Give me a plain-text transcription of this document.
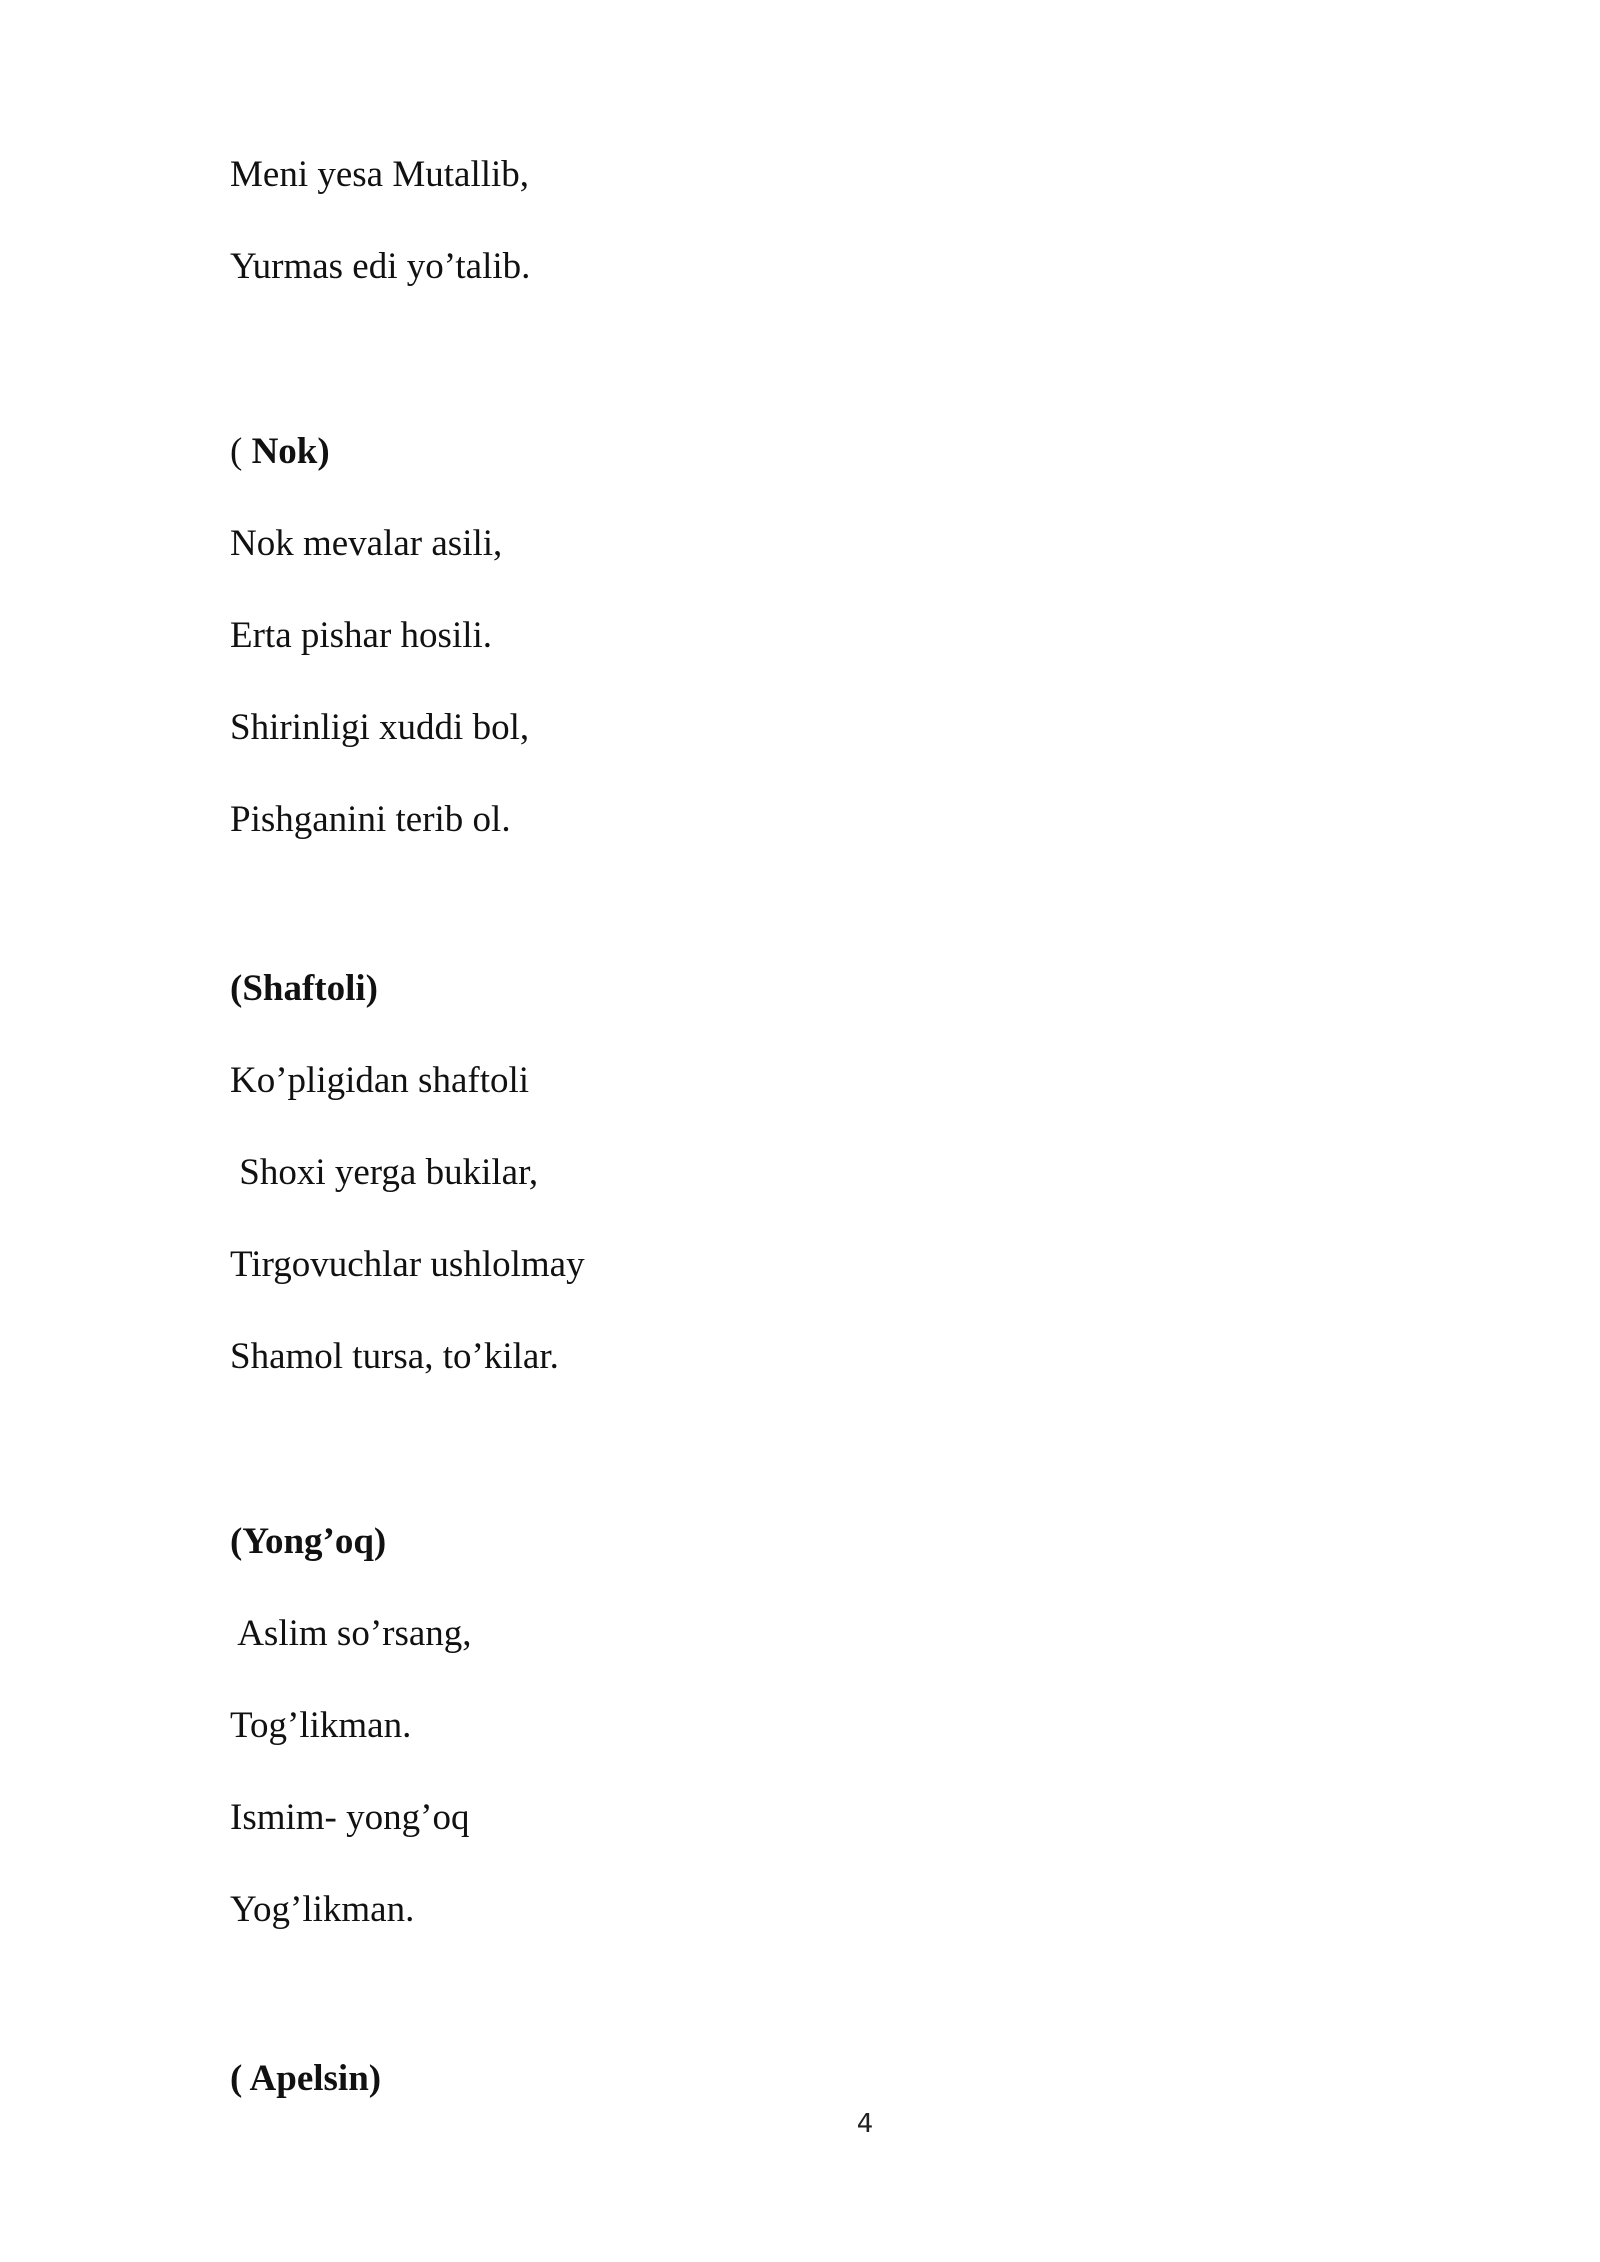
Meni yesa Mutallib,
Yurmas edi yo’talib.
( Nok)
Nok mevalar asili,
Erta pishar hosili.
Shirinligi xuddi bol,
Pishganini terib ol.
(Shaftoli)
Ko’pligidan shaftoli
Shoxi yerga bukilar,
Tirgovuchlar ushlolmay
Shamol tursa, to’kilar.
(Yong’oq)
Aslim so’rsang,
Tog’likman.
Ismim- yong’oq
Yog’likman.
( Apelsin)
4
